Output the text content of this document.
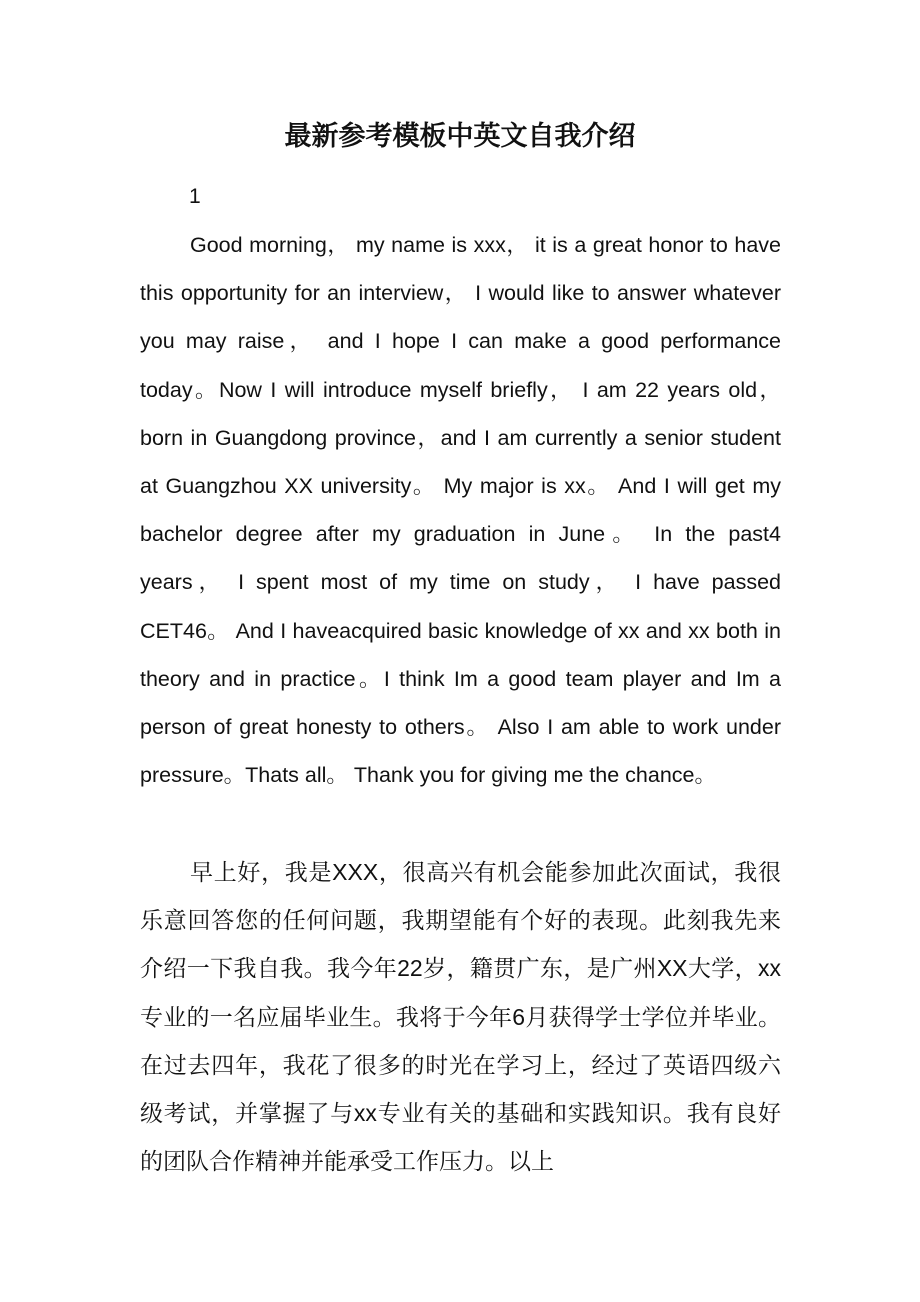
最新参考模板中英文自我介绍

1

Good morning， my name is xxx， it is a great honor to have this opportunity for an interview， I would like to answer whatever you may raise， and I hope I can make a good performance today。Now I will introduce myself briefly， I am 22 years old， born in Guangdong province，and I am currently a senior student at Guangzhou XX university。 My major is xx。 And I will get my bachelor degree after my graduation in June。 In the past4 years， I spent most of my time on study， I have passed CET46。 And I haveacquired basic knowledge of xx and xx both in theory and in practice。I think Im a good team player and Im a person of great honesty to others。 Also I am able to work under pressure。Thats all。 Thank you for giving me the chance。

早上好，我是XXX，很高兴有机会能参加此次面试，我很乐意回答您的任何问题，我期望能有个好的表现。此刻我先来介绍一下我自我。我今年22岁，籍贯广东，是广州XX大学，xx专业的一名应届毕业生。我将于今年6月获得学士学位并毕业。在过去四年，我花了很多的时光在学习上，经过了英语四级六级考试，并掌握了与xx专业有关的基础和实践知识。我有良好的团队合作精神并能承受工作压力。以上
